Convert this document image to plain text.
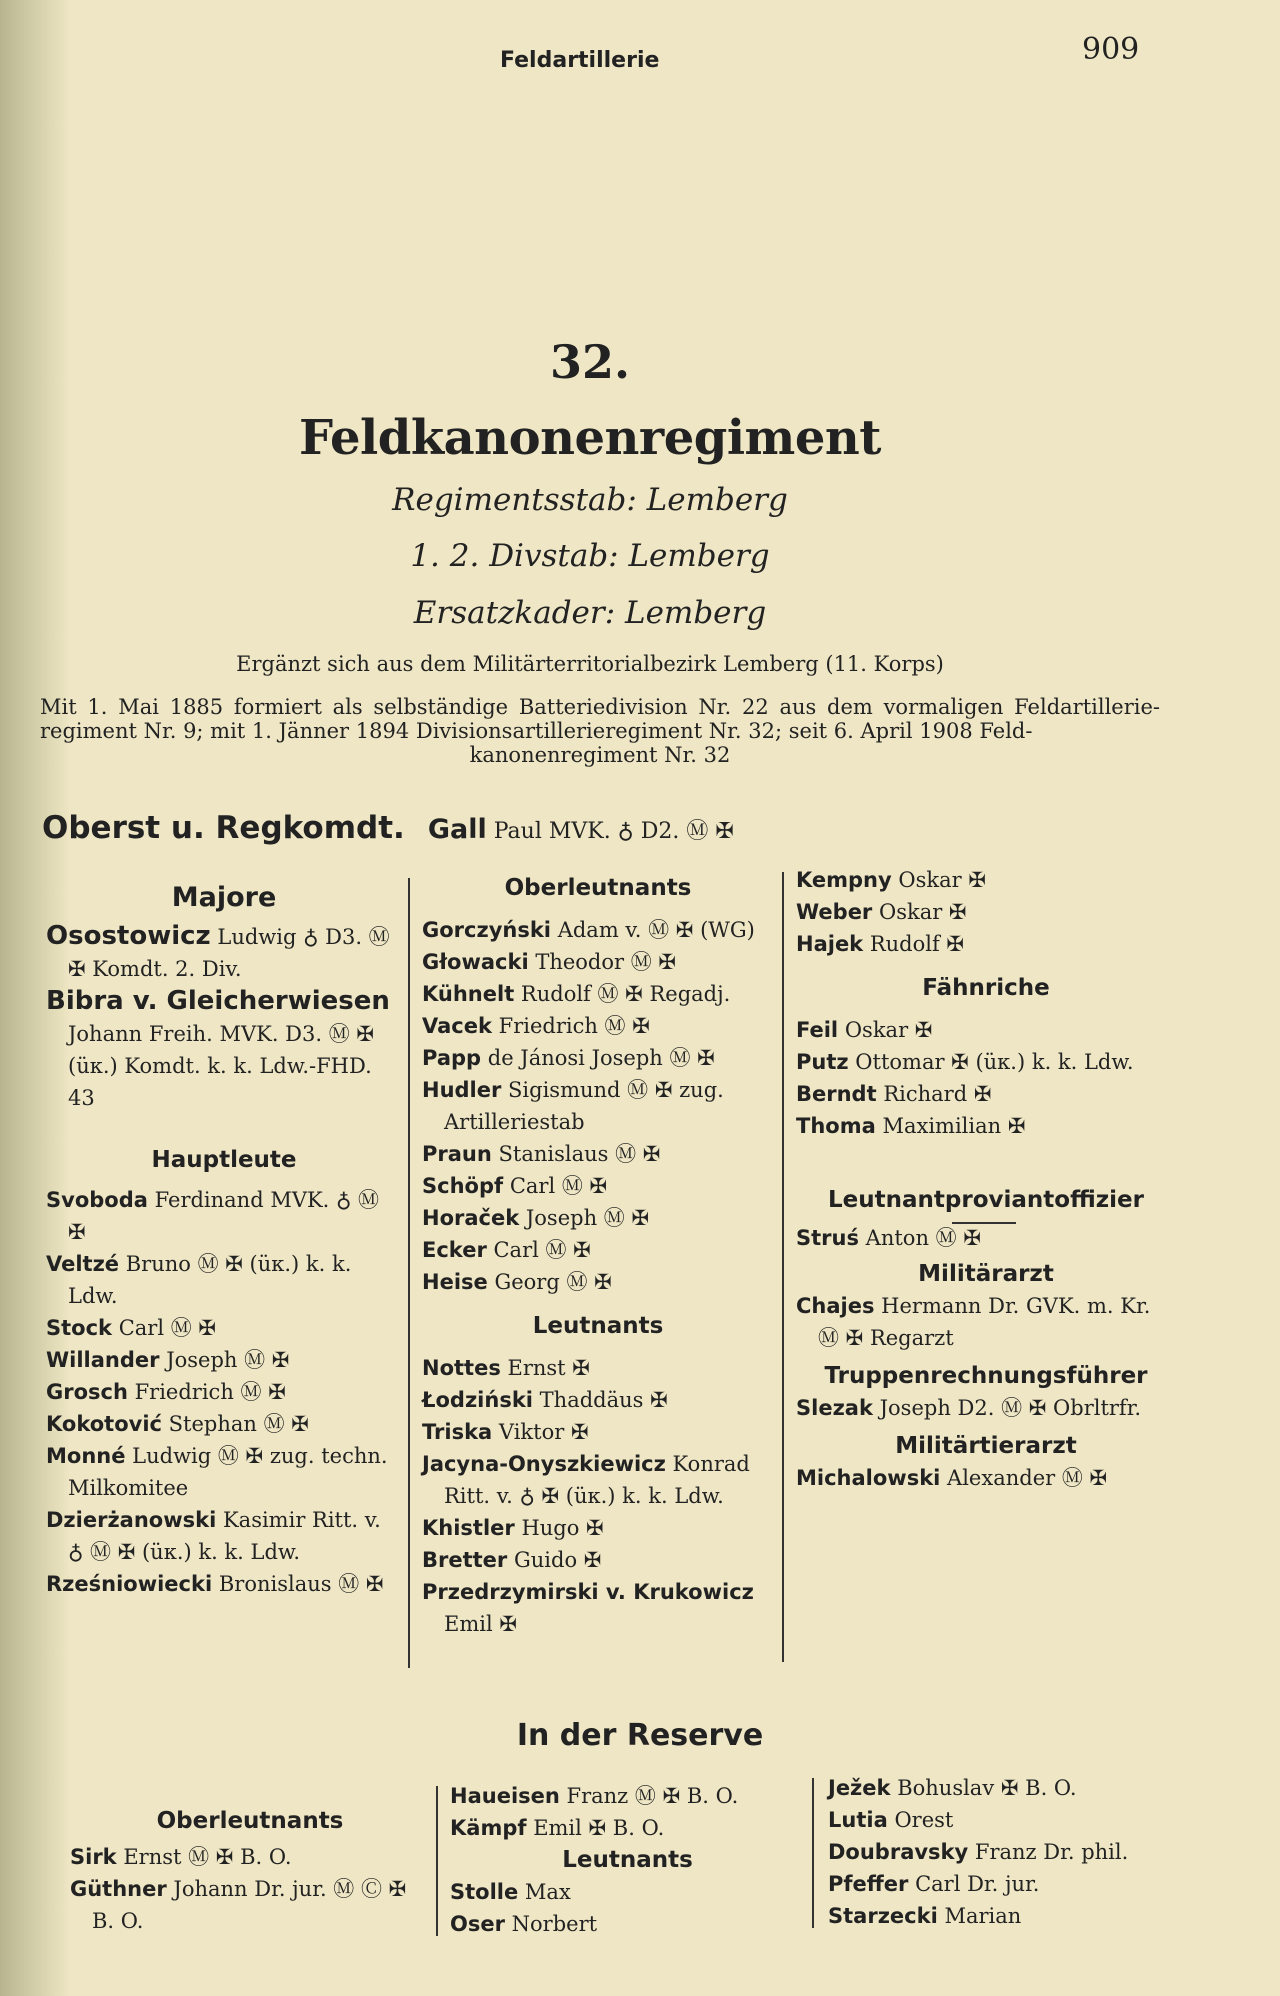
Feldartillerie	909
32.
Feldkanonenregiment
Regimentsstab: Lemberg
1. 2. Divstab: Lemberg
Ersatzkader: Lemberg
Ergänzt sich aus dem Militärterritorialbezirk Lemberg (11. Korps)
Mit 1. Mai 1885 formiert als selbständige Batteriedivision Nr. 22 aus dem vormaligen Feldartillerie-regiment Nr. 9; mit 1. Jänner 1894 Divisionsartillerieregiment Nr. 32; seit 6. April 1908 Feld-
kanonenregiment Nr. 32
Oberst u. Regkomdt. Gall Paul MVK. ♁ D2. Ⓜ ✠
Majore
Osostowicz Ludwig ♁ D3. Ⓜ ✠ Komdt. 2. Div.
Bibra v. Gleicherwiesen Johann Freih. MVK. D3. Ⓜ ✠ (üк.) Komdt. k. k. Ldw.-FHD. 43
Hauptleute
Svoboda Ferdinand MVK. ♁ Ⓜ ✠
Veltzé Bruno Ⓜ ✠ (üк.) k. k. Ldw.
Stock Carl Ⓜ ✠
Willander Joseph Ⓜ ✠
Grosch Friedrich Ⓜ ✠
Kokotović Stephan Ⓜ ✠
Monné Ludwig Ⓜ ✠ zug. techn. Milkomitee
Dzierżanowski Kasimir Ritt. v. ♁ Ⓜ ✠ (üк.) k. k. Ldw.
Rześniowiecki Bronislaus Ⓜ ✠
Oberleutnants
Gorczyński Adam v. Ⓜ ✠ (WG)
Głowacki Theodor Ⓜ ✠
Kühnelt Rudolf Ⓜ ✠ Regadj.
Vacek Friedrich Ⓜ ✠
Papp de Jánosi Joseph Ⓜ ✠
Hudler Sigismund Ⓜ ✠ zug. Artilleriestab
Praun Stanislaus Ⓜ ✠
Schöpf Carl Ⓜ ✠
Horaček Joseph Ⓜ ✠
Ecker Carl Ⓜ ✠
Heise Georg Ⓜ ✠
Leutnants
Nottes Ernst ✠
Łodziński Thaddäus ✠
Triska Viktor ✠
Jacyna-Onyszkiewicz Konrad Ritt. v. ♁ ✠ (üк.) k. k. Ldw.
Khistler Hugo ✠
Bretter Guido ✠
Przedrzymirski v. Krukowicz Emil ✠
Kempny Oskar ✠
Weber Oskar ✠
Hajek Rudolf ✠
Fähnriche
Feil Oskar ✠
Putz Ottomar ✠ (üк.) k. k. Ldw.
Berndt Richard ✠
Thoma Maximilian ✠
Leutnantproviantoffizier
Struś Anton Ⓜ ✠
Militärarzt
Chajes Hermann Dr. GVK. m. Kr. Ⓜ ✠ Regarzt
Truppenrechnungsführer
Slezak Joseph D2. Ⓜ ✠ Obrltrfr.
Militärtierarzt
Michalowski Alexander Ⓜ ✠
In der Reserve
Oberleutnants
Sirk Ernst Ⓜ ✠ B. O.
Güthner Johann Dr. jur. Ⓜ Ⓒ ✠ B. O.
Haueisen Franz Ⓜ ✠ B. O.
Kämpf Emil ✠ B. O.
Leutnants
Stolle Max
Oser Norbert
Ježek Bohuslav ✠ B. O.
Lutia Orest
Doubravsky Franz Dr. phil.
Pfeffer Carl Dr. jur.
Starzecki Marian
